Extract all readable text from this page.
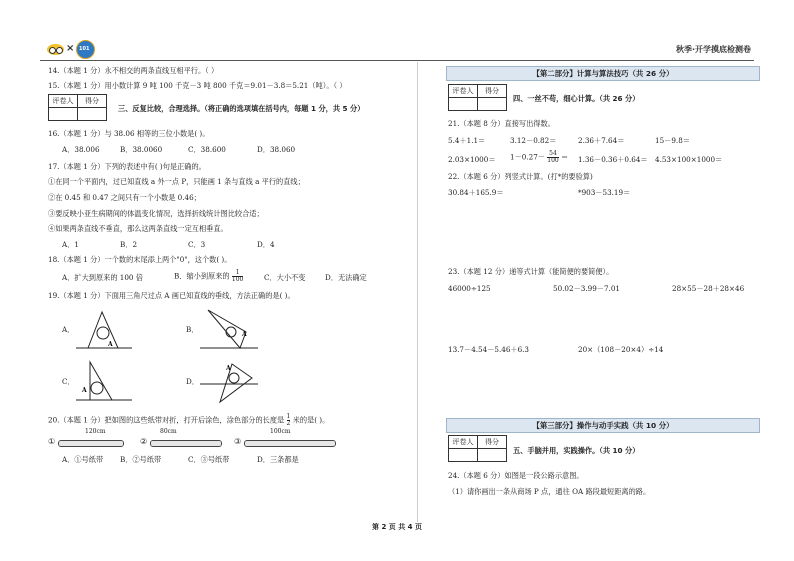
× 101	秋季·开学摸底检测卷
14.（本题 1 分）永不相交的两条直线互相平行。（ ）
15.（本题 1 分）用小数计算 9 吨 100 千克－3 吨 800 千克＝9.01－3.8＝5.21（吨）。（ ）
评卷人	得分

三、反复比较，合理选择。（将正确的选项填在括号内，每题 1 分，共 5 分）
16.（本题 1 分）与 38.06 相等的三位小数是( )。
A．38.006	B．38.0060	C．38.600	D．38.060
17.（本题 1 分）下列的表述中有( )句是正确的。
①在同一个平面内，过已知直线 a 外一点 P，只能画 1 条与直线 a 平行的直线；
②在 0.45 和 0.47 之间只有一个小数是 0.46；
③要反映小亚生病期间的体温变化情况，选择折线统计图比较合适；
④如果两条直线不垂直，那么这两条直线一定互相垂直。
A．1	B．2	C．3	D．4
18.（本题 1 分）一个数的末尾添上两个"0"，这个数( )。
A．扩大到原来的 100 倍	B．缩小到原来的 $\frac{1}{100}$	C．大小不变	D．无法确定
19.（本题 1 分）下面用三角尺过点 A 画已知直线的垂线，方法正确的是( )。
A．
A
B．
A
C．
A
D．
A
20.（本题 1 分）把如图的这些纸带对折，打开后涂色，涂色部分的长度是 $\frac{1}{2}$ 米的是( )。
①
120cm
②
80cm
③
100cm
A．①号纸带 B．②号纸带	C．③号纸带	D．三条都是
【第二部分】计算与算法技巧（共 26 分）
评卷人	得分

四、一丝不苟，细心计算。（共 26 分）
21.（本题 8 分）直接写出得数。
5.4＋1.1＝	3.12－0.82＝	2.36＋7.64＝	15－9.8＝
$2.03\times 1000= 1-0.27- \frac{54}{100} = 1.36-0.36+0.64= 4.53\times 100\times 1000=$
22.（本题 6 分）列竖式计算。(打*的要验算)
30.84＋165.9＝	*903－53.19＝
23.（本题 12 分）递等式计算（能简便的要简便）。
46000÷125	50.02－3.99－7.01	28×55－28＋28×46
13.7－4.54－5.46＋6.3	20×（108－20×4）÷14
【第三部分】操作与动手实践（共 10 分）
评卷人	得分

五、手脑并用，实践操作。（共 10 分）
24.（本题 6 分）如图是一段公路示意图。
（1）请你画出一条从商场 P 点，通往 OA 路段最短距离的路。
第 2 页 共 4 页
